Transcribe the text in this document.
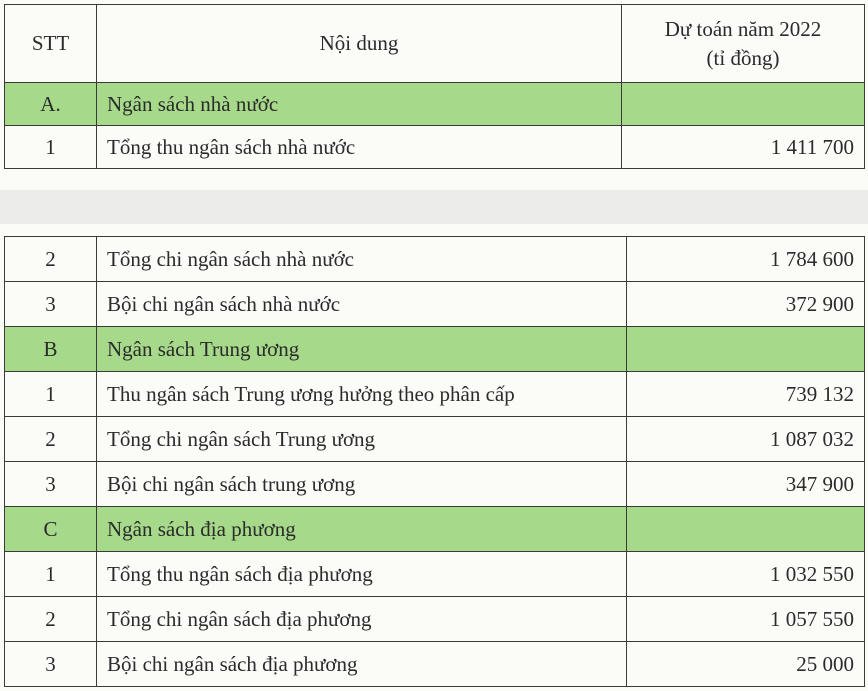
STT	Nội dung	Dự toán năm 2022
(tỉ đồng)

A.	Ngân sách nhà nước	
1	Tổng thu ngân sách nhà nước	1 411 700
2	Tổng chi ngân sách nhà nước	1 784 600
3	Bội chi ngân sách nhà nước	372 900
B	Ngân sách Trung ương	
1	Thu ngân sách Trung ương hưởng theo phân cấp	739 132
2	Tổng chi ngân sách Trung ương	1 087 032
3	Bội chi ngân sách trung ương	347 900
C	Ngân sách địa phương	
1	Tổng thu ngân sách địa phương	1 032 550
2	Tổng chi ngân sách địa phương	1 057 550
3	Bội chi ngân sách địa phương	25 000
